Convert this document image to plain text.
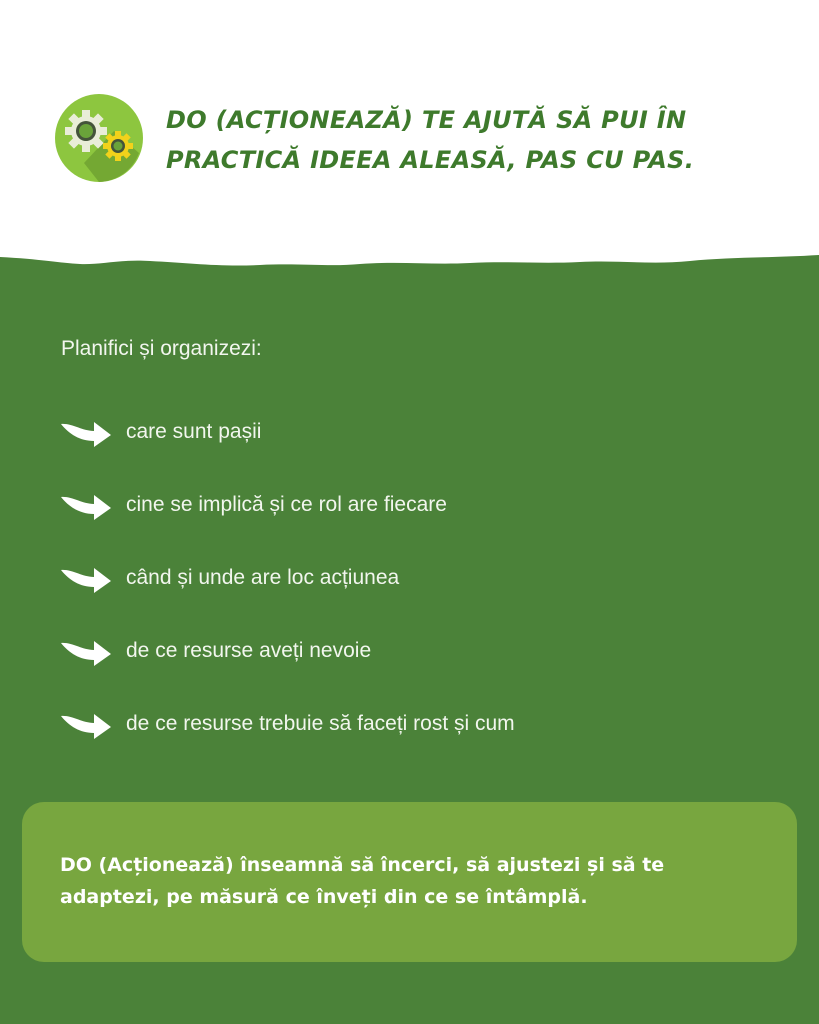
DO (ACȚIONEAZĂ) TE AJUTĂ SĂ PUI ÎN PRACTICĂ IDEEA ALEASĂ, PAS CU PAS.
Planifici și organizezi:
care sunt pașii
cine se implică și ce rol are fiecare
când și unde are loc acțiunea
de ce resurse aveți nevoie
de ce resurse trebuie să faceți rost și cum
DO (Acționează) înseamnă să încerci, să ajustezi și să te adaptezi, pe măsură ce înveți din ce se întâmplă.
